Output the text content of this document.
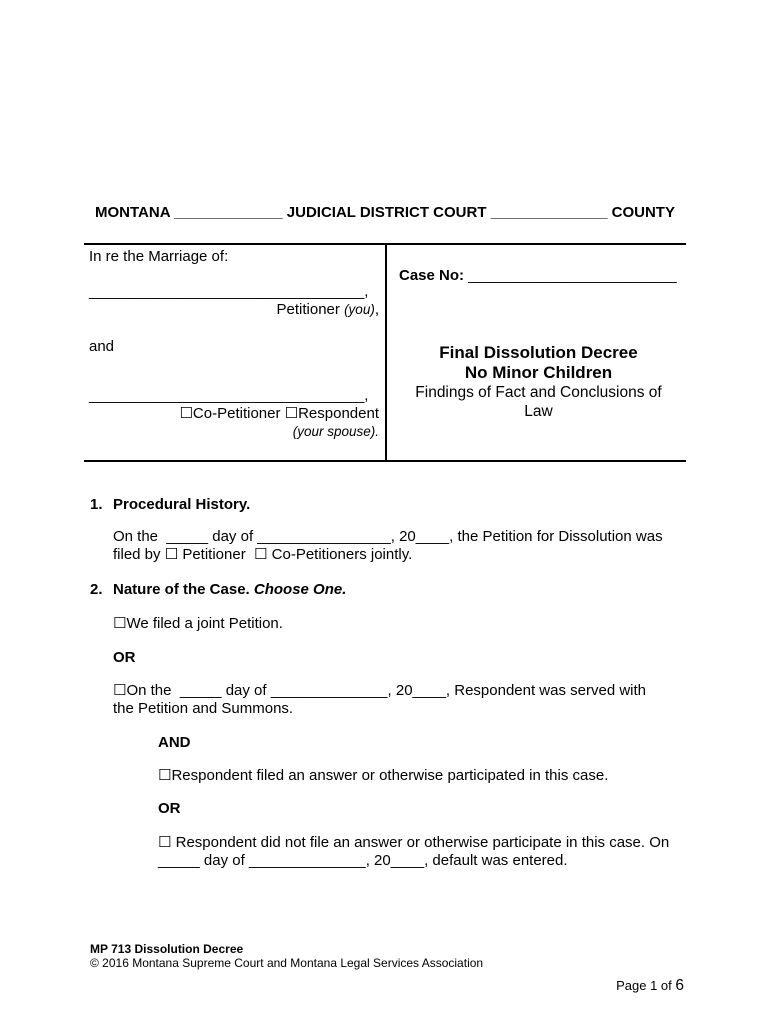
MONTANA _____________ JUDICIAL DISTRICT COURT ______________ COUNTY
In re the Marriage of:
_________________________________,
Petitioner (you),
and
_________________________________,
☐Co-Petitioner ☐Respondent
(your spouse).
Case No: _________________________
Final Dissolution Decree
No Minor Children
Findings of Fact and Conclusions of Law
1. Procedural History.
On the  _____ day of ________________, 20____, the Petition for Dissolution was
filed by ☐ Petitioner  ☐ Co-Petitioners jointly.
2. Nature of the Case. Choose One.
☐We filed a joint Petition.
OR
☐On the  _____ day of ______________, 20____, Respondent was served with
the Petition and Summons.
AND
☐Respondent filed an answer or otherwise participated in this case.
OR
☐ Respondent did not file an answer or otherwise participate in this case. On
_____ day of ______________, 20____, default was entered.
MP 713 Dissolution Decree
© 2016 Montana Supreme Court and Montana Legal Services Association
Page 1 of 6
